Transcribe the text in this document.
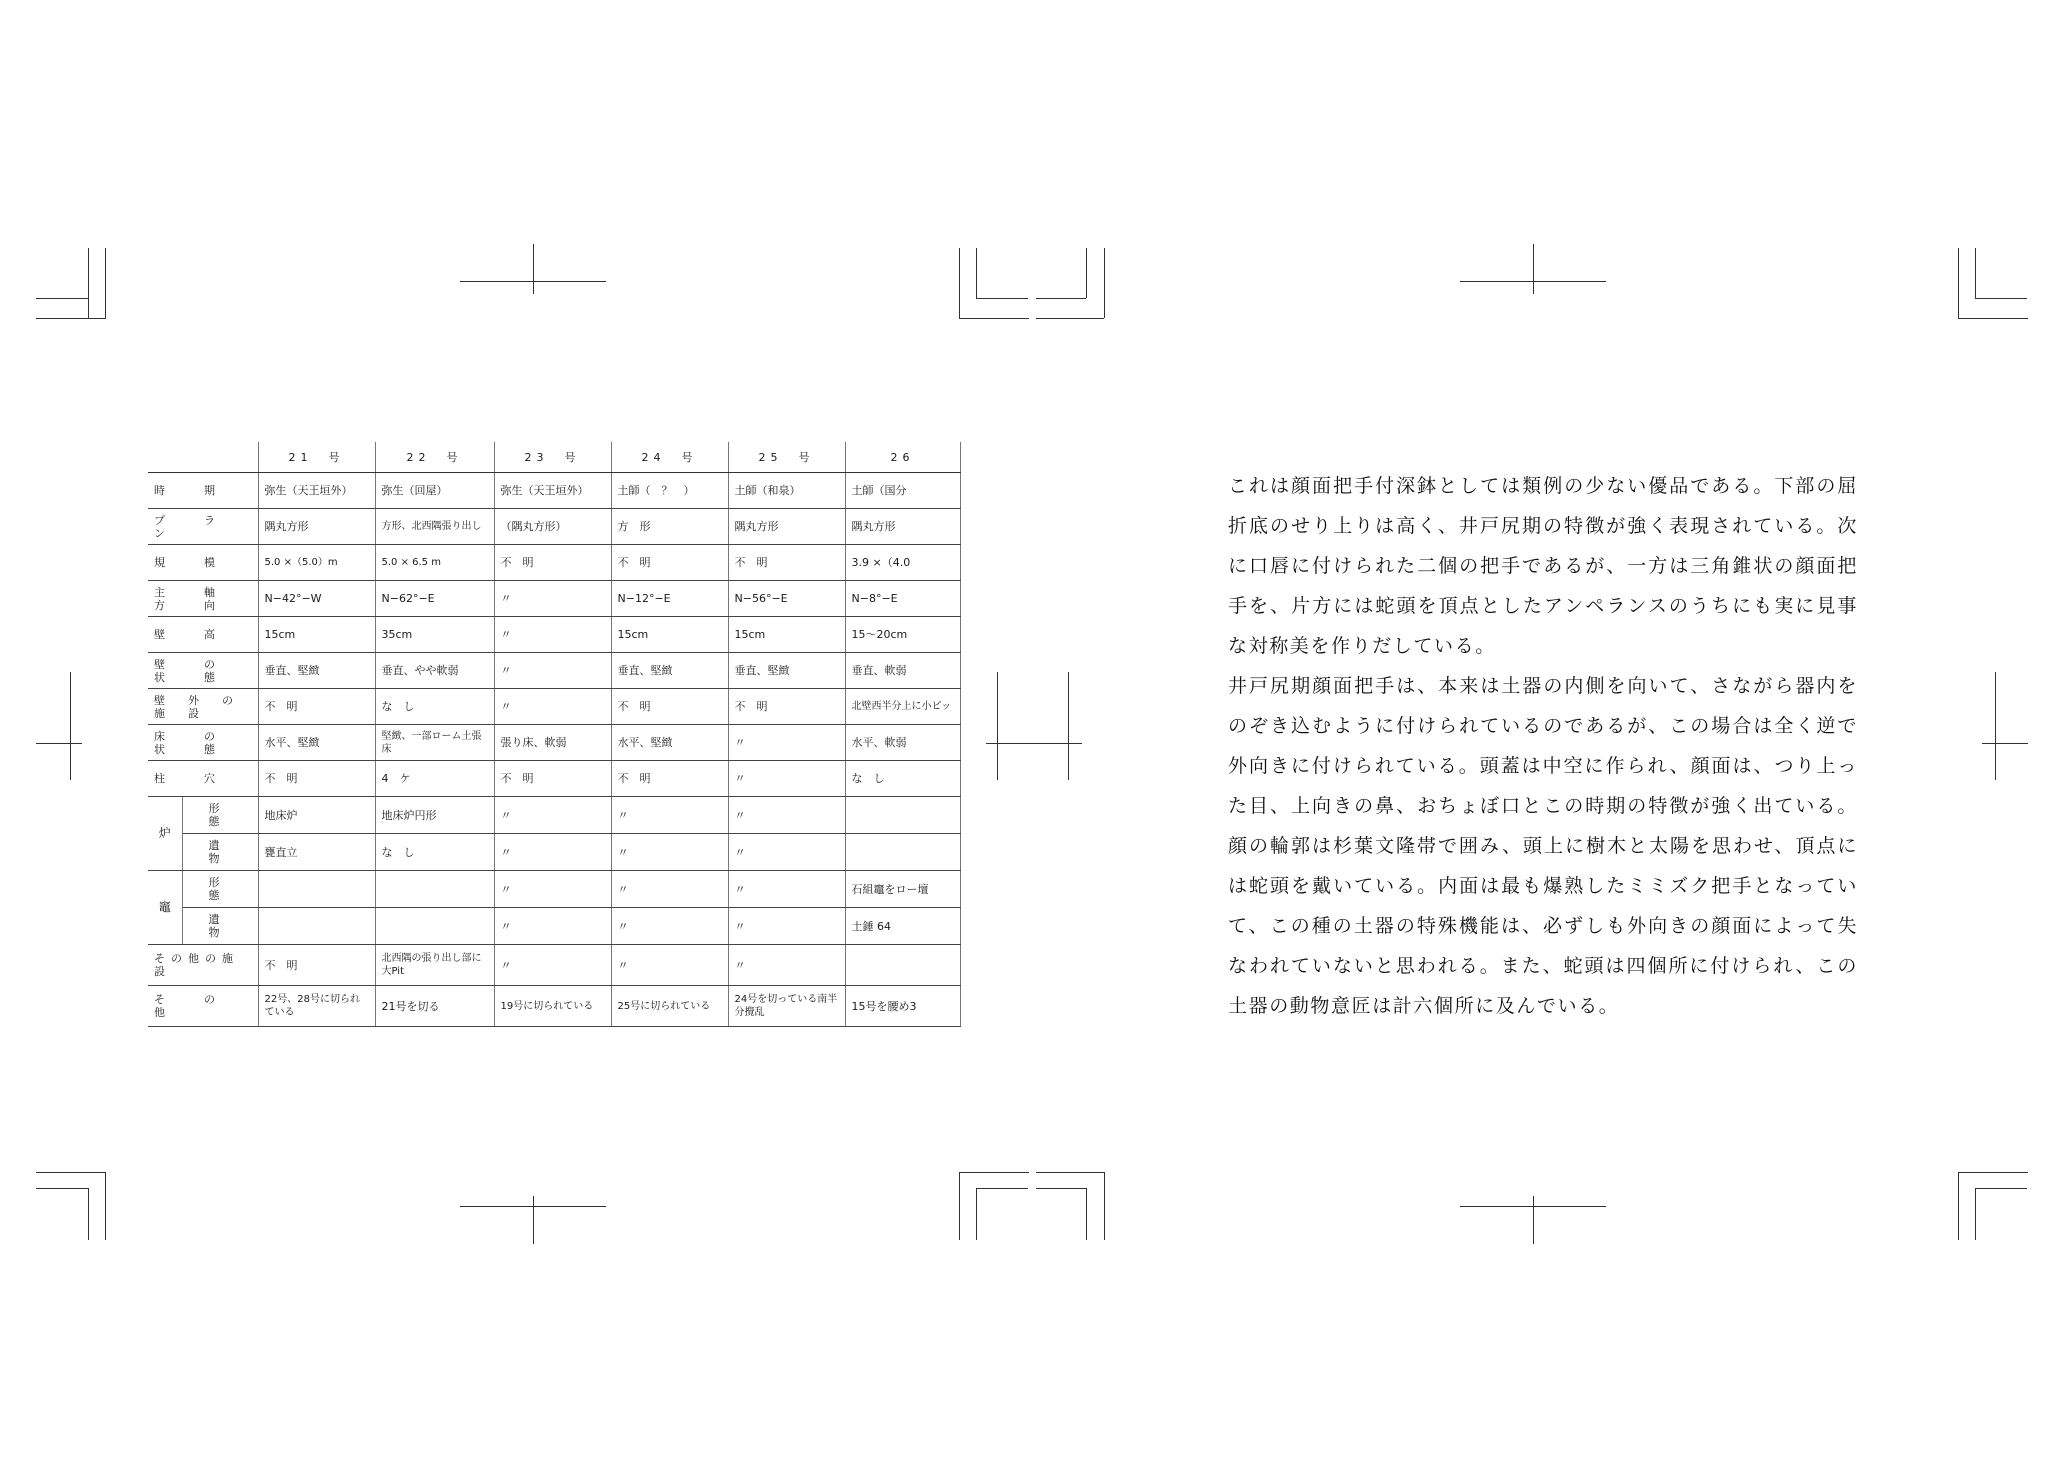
		21　号	22　号	23　号	24　号	25　号	26
時　期		弥生（天王垣外）	弥生（回屋）	弥生（天王垣外）	土師（　？　）	土師（和泉）	土師（国分
プ　ラ　ン		隅丸方形	方形、北西隅張り出し	（隅丸方形）	方　形	隅丸方形	隅丸方形
規　模		5.0 ×（5.0）m	5.0 × 6.5 m	不　明	不　明	不　明	3.9 ×（4.0
主　軸　方　向		N−42°−W	N−62°−E	〃	N−12°−E	N−56°−E	N−8°−E
壁　高		15cm	35cm	〃	15cm	15cm	15〜20cm
壁　の　状　態		垂直、堅緻	垂直、やや軟弱	〃	垂直、堅緻	垂直、堅緻	垂直、軟弱
壁　外　の　施　設		不　明	な　し	〃	不　明	不　明	北壁西半分上に小ピッ
床　の　状　態		水平、堅緻	堅緻、一部ローム土張床	張り床、軟弱	水平、堅緻	〃	水平、軟弱
柱　穴		不　明	4　ケ	不　明	不　明	〃	な　し
炉	形　態	地床炉	地床炉円形	〃	〃	〃	
	遺　物	甕直立	な　し	〃	〃	〃	
竈	形　態			〃	〃	〃	石組竈をロー壇
	遺　物			〃	〃	〃	土錘 64
その他の施設		不　明	北西隅の張り出し部に大Pit	〃	〃	〃	
そ　の　他		22号、28号に切られている	21号を切る	19号に切られている	25号に切られている	24号を切っている南半分攪乱	15号を腰め3

これは顔面把手付深鉢としては類例の少ない優品である。下部の屈折底のせり上りは高く、井戸尻期の特徴が強く表現されている。次に口唇に付けられた二個の把手であるが、一方は三角錐状の顔面把手を、片方には蛇頭を頂点としたアンペランスのうちにも実に見事な対称美を作りだしている。

井戸尻期顔面把手は、本来は土器の内側を向いて、さながら器内をのぞき込むように付けられているのであるが、この場合は全く逆で外向きに付けられている。頭蓋は中空に作られ、顔面は、つり上った目、上向きの鼻、おちょぼ口とこの時期の特徴が強く出ている。顔の輪郭は杉葉文隆帯で囲み、頭上に樹木と太陽を思わせ、頂点には蛇頭を戴いている。内面は最も爆熟したミミズク把手となっていて、この種の土器の特殊機能は、必ずしも外向きの顔面によって失なわれていないと思われる。また、蛇頭は四個所に付けられ、この土器の動物意匠は計六個所に及んでいる。
